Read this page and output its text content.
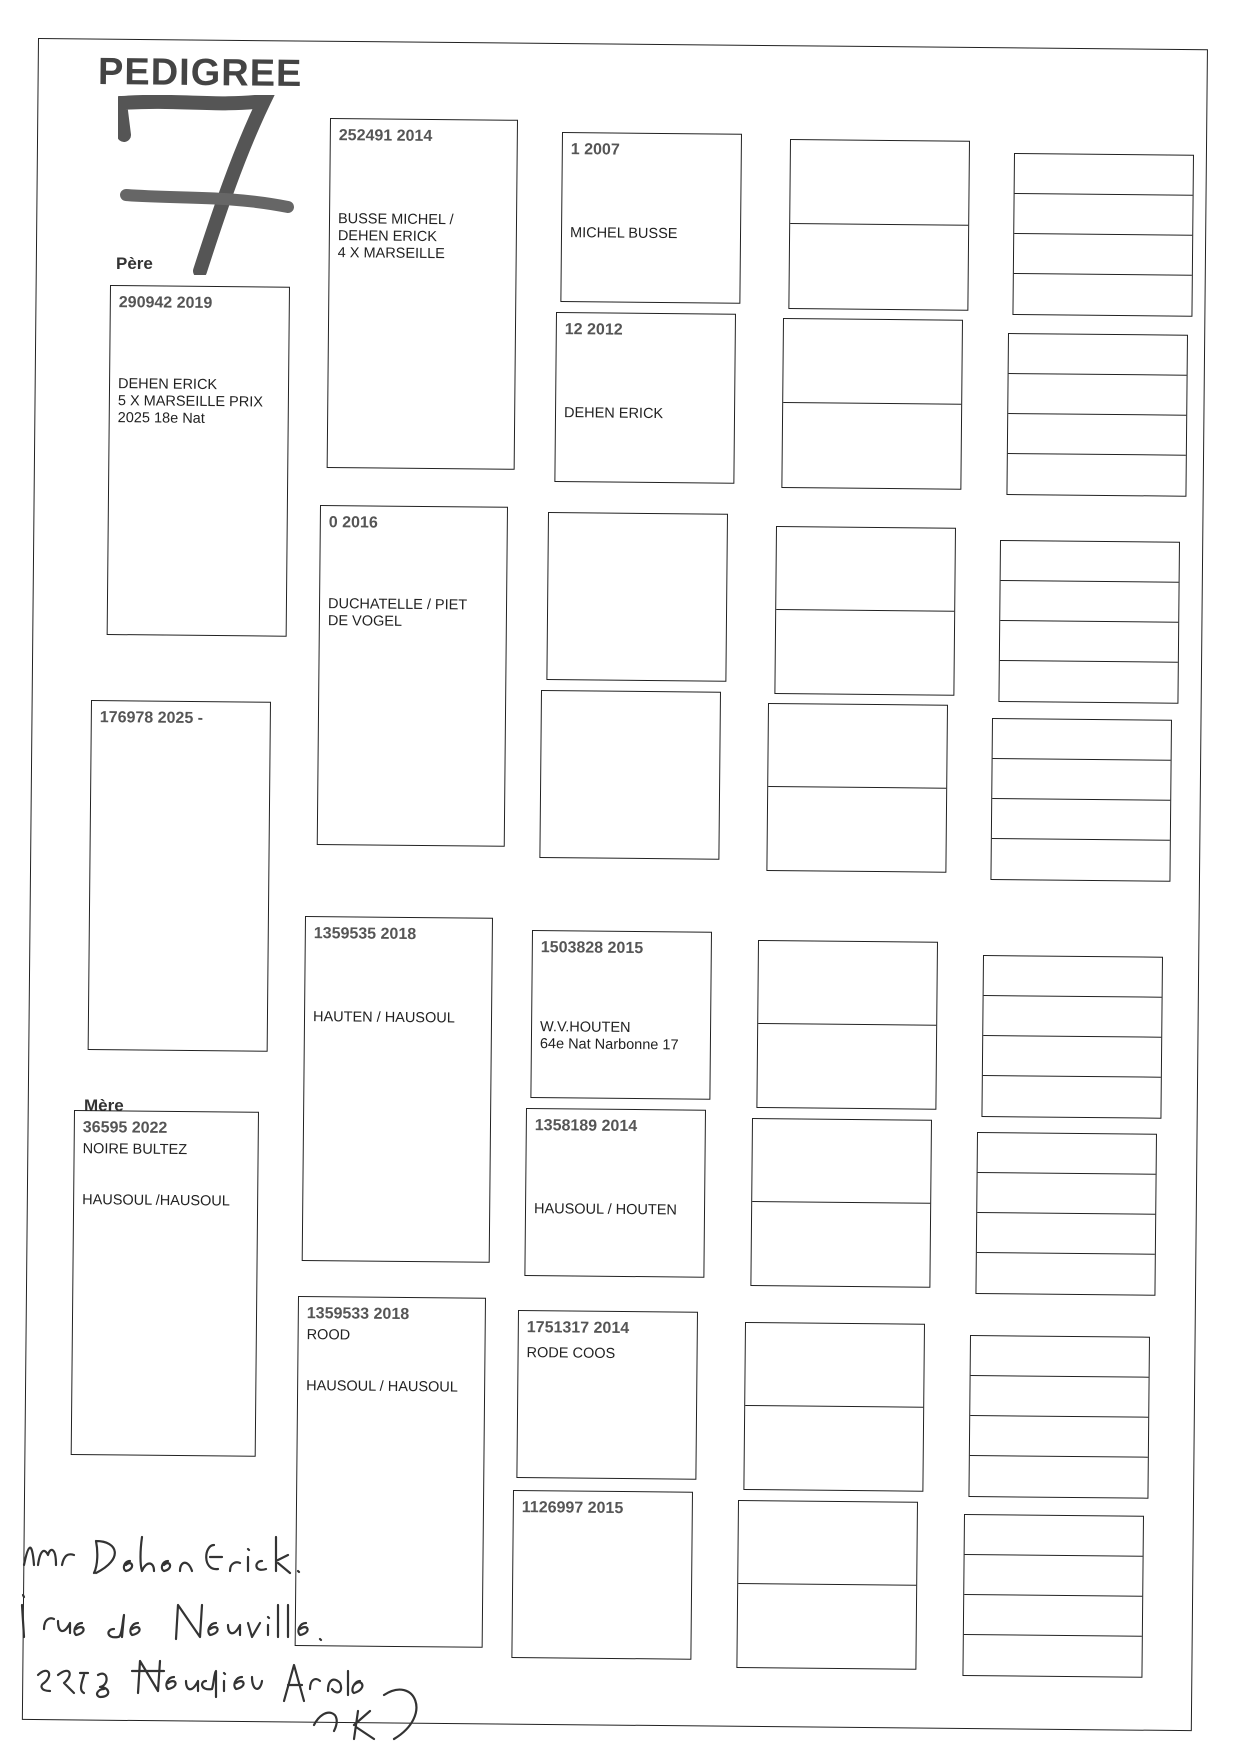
PEDIGREE
Père
Mère
290942 2019
DEHEN ERICK
5 X MARSEILLE PRIX
2025 18e Nat
176978 2025 -
36595 2022
NOIRE BULTEZ

HAUSOUL /HAUSOUL
252491 2014
BUSSE MICHEL /
DEHEN ERICK
4 X MARSEILLE
0 2016
DUCHATELLE / PIET
DE VOGEL
1359535 2018
HAUTEN / HAUSOUL
1359533 2018
ROOD

HAUSOUL / HAUSOUL
1 2007
MICHEL BUSSE
12 2012
DEHEN ERICK
1503828 2015
W.V.HOUTEN
64e Nat Narbonne 17
1358189 2014
HAUSOUL / HOUTEN
1751317 2014
RODE COOS
1126997 2015
